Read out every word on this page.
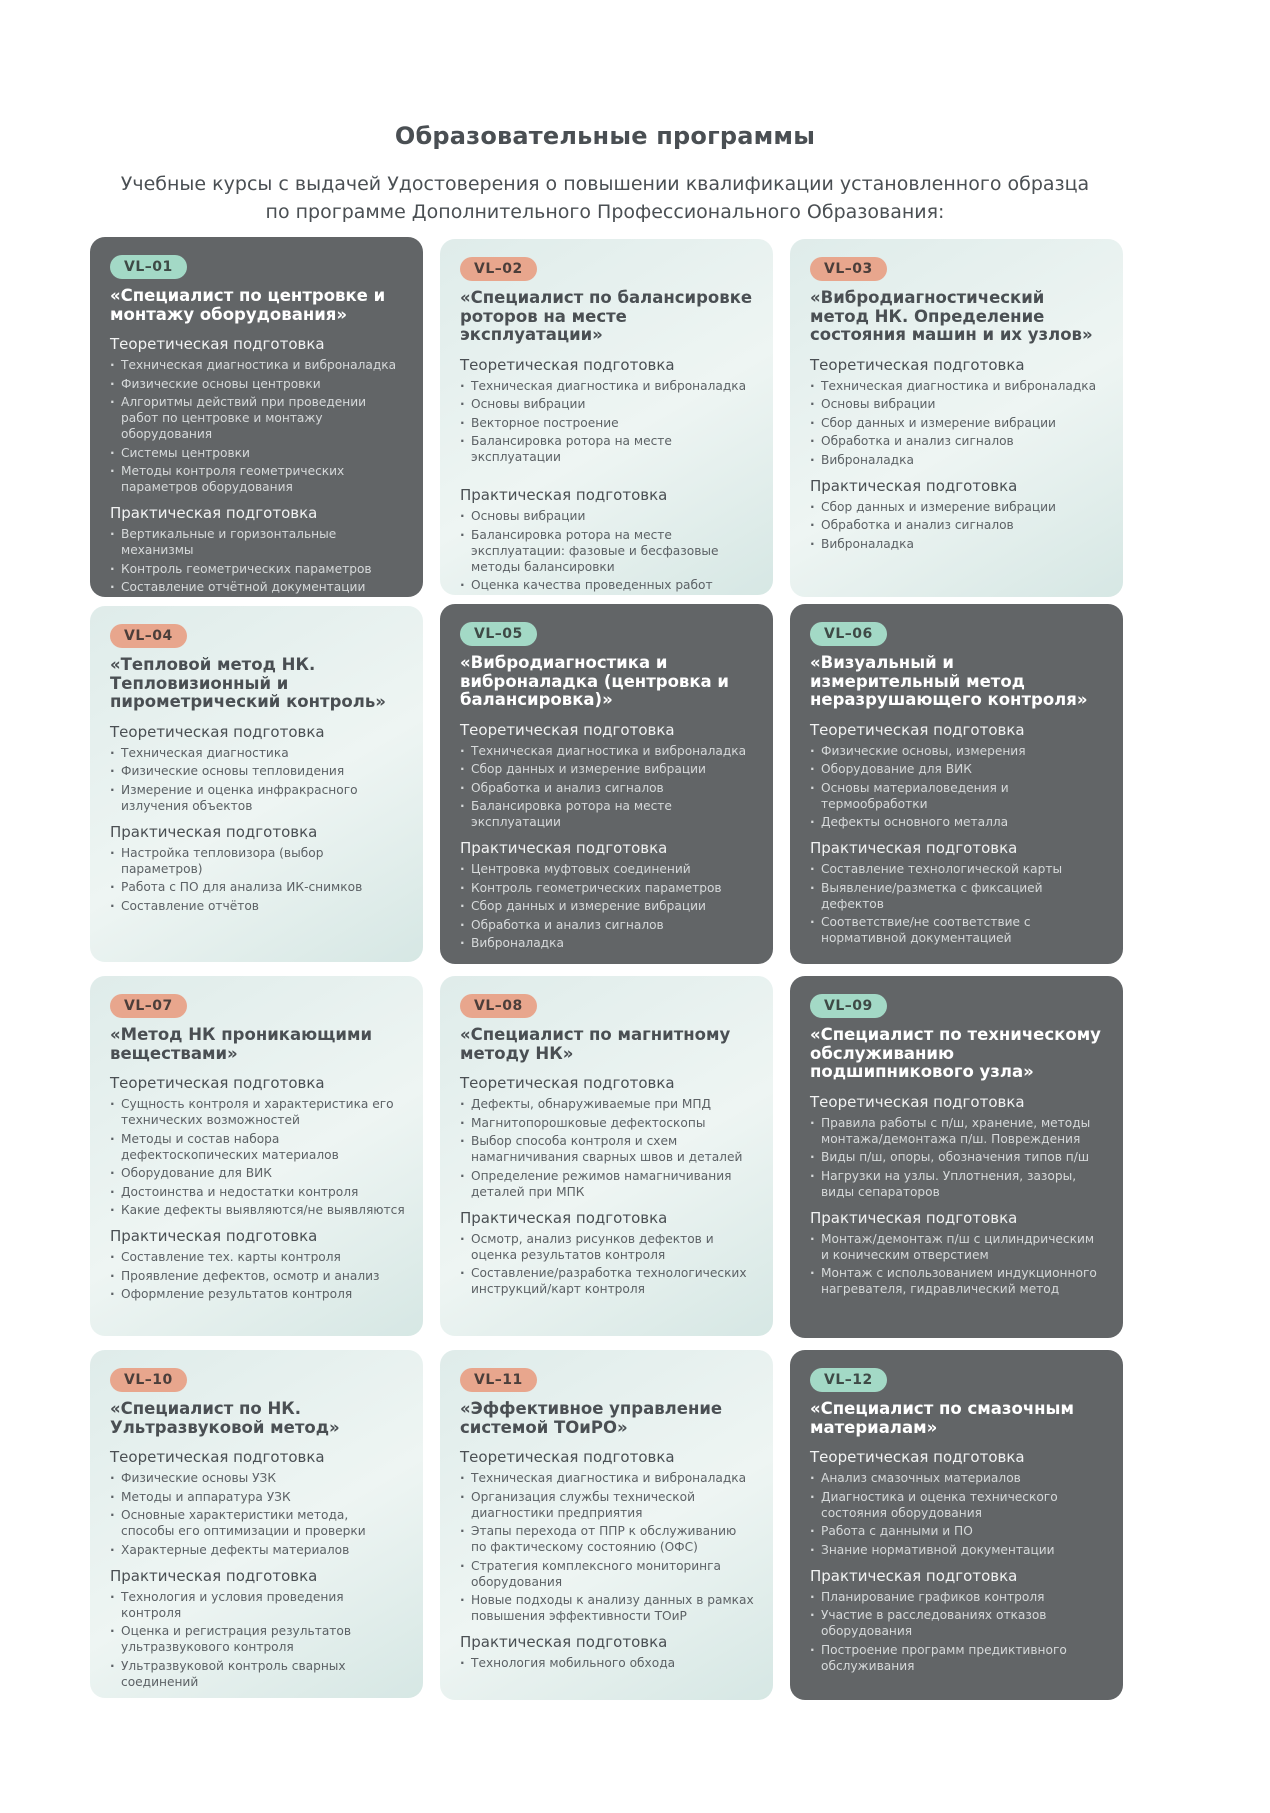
Образовательные программы
Учебные курсы с выдачей Удостоверения о повышении квалификации установленного образца
по программе Дополнительного Профессионального Образования:
VL–01
«Специалист по центровке и монтажу оборудования»
Теоретическая подготовка
· Техническая диагностика и виброналадка
· Физические основы центровки
· Алгоритмы действий при проведении работ по центровке и монтажу оборудования
· Системы центровки
· Методы контроля геометрических параметров оборудования
Практическая подготовка
· Вертикальные и горизонтальные механизмы
· Контроль геометрических параметров
· Составление отчётной документации
VL–02
«Специалист по балансировке роторов на месте эксплуатации»
Теоретическая подготовка
· Техническая диагностика и виброналадка
· Основы вибрации
· Векторное построение
· Балансировка ротора на месте эксплуатации
Практическая подготовка
· Основы вибрации
· Балансировка ротора на месте эксплуатации: фазовые и бесфазовые методы балансировки
· Оценка качества проведенных работ
VL–03
«Вибродиагностический метод НК. Определение состояния машин и их узлов»
Теоретическая подготовка
· Техническая диагностика и виброналадка
· Основы вибрации
· Сбор данных и измерение вибрации
· Обработка и анализ сигналов
· Виброналадка
Практическая подготовка
· Сбор данных и измерение вибрации
· Обработка и анализ сигналов
· Виброналадка
VL–04
«Тепловой метод НК. Тепловизионный и пирометрический контроль»
Теоретическая подготовка
· Техническая диагностика
· Физические основы тепловидения
· Измерение и оценка инфракрасного излучения объектов
Практическая подготовка
· Настройка тепловизора (выбор параметров)
· Работа с ПО для анализа ИК-снимков
· Составление отчётов
VL–05
«Вибродиагностика и виброналадка (центровка и балансировка)»
Теоретическая подготовка
· Техническая диагностика и виброналадка
· Сбор данных и измерение вибрации
· Обработка и анализ сигналов
· Балансировка ротора на месте эксплуатации
Практическая подготовка
· Центровка муфтовых соединений
· Контроль геометрических параметров
· Сбор данных и измерение вибрации
· Обработка и анализ сигналов
· Виброналадка
VL–06
«Визуальный и измерительный метод неразрушающего контроля»
Теоретическая подготовка
· Физические основы, измерения
· Оборудование для ВИК
· Основы материаловедения и термообработки
· Дефекты основного металла
Практическая подготовка
· Составление технологической карты
· Выявление/разметка с фиксацией дефектов
· Соответствие/не соответствие с нормативной документацией
VL–07
«Метод НК проникающими веществами»
Теоретическая подготовка
· Сущность контроля и характеристика его технических возможностей
· Методы и состав набора дефектоскопических материалов
· Оборудование для ВИК
· Достоинства и недостатки контроля
· Какие дефекты выявляются/не выявляются
Практическая подготовка
· Составление тех. карты контроля
· Проявление дефектов, осмотр и анализ
· Оформление результатов контроля
VL–08
«Специалист по магнитному методу НК»
Теоретическая подготовка
· Дефекты, обнаруживаемые при МПД
· Магнитопорошковые дефектоскопы
· Выбор способа контроля и схем намагничивания сварных швов и деталей
· Определение режимов намагничивания деталей при МПК
Практическая подготовка
· Осмотр, анализ рисунков дефектов и оценка результатов контроля
· Составление/разработка технологических инструкций/карт контроля
VL–09
«Специалист по техническому обслуживанию подшипникового узла»
Теоретическая подготовка
· Правила работы с п/ш, хранение, методы монтажа/демонтажа п/ш. Повреждения
· Виды п/ш, опоры, обозначения типов п/ш
· Нагрузки на узлы. Уплотнения, зазоры, виды сепараторов
Практическая подготовка
· Монтаж/демонтаж п/ш с цилиндрическим и коническим отверстием
· Монтаж с использованием индукционного нагревателя, гидравлический метод
VL–10
«Специалист по НК. Ультразвуковой метод»
Теоретическая подготовка
· Физические основы УЗК
· Методы и аппаратура УЗК
· Основные характеристики метода, способы его оптимизации и проверки
· Характерные дефекты материалов
Практическая подготовка
· Технология и условия проведения контроля
· Оценка и регистрация результатов ультразвукового контроля
· Ультразвуковой контроль сварных соединений
VL–11
«Эффективное управление системой ТОиРО»
Теоретическая подготовка
· Техническая диагностика и виброналадка
· Организация службы технической диагностики предприятия
· Этапы перехода от ППР к обслуживанию по фактическому состоянию (ОФС)
· Стратегия комплексного мониторинга оборудования
· Новые подходы к анализу данных в рамках повышения эффективности ТОиР
Практическая подготовка
· Технология мобильного обхода
VL–12
«Специалист по смазочным материалам»
Теоретическая подготовка
· Анализ смазочных материалов
· Диагностика и оценка технического состояния оборудования
· Работа с данными и ПО
· Знание нормативной документации
Практическая подготовка
· Планирование графиков контроля
· Участие в расследованиях отказов оборудования
· Построение программ предиктивного обслуживания
